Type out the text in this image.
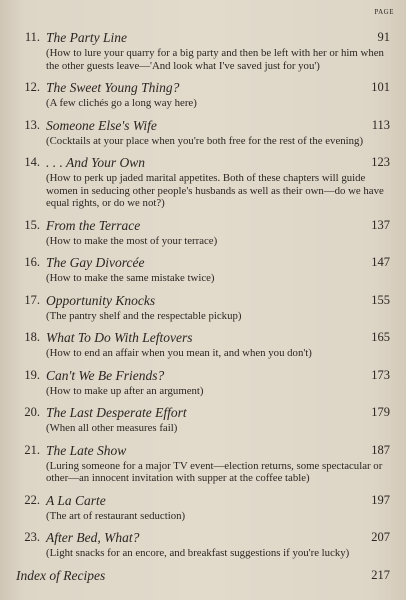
PAGE
11. The Party Line	91
(How to lure your quarry for a big party and then be left with her or him when the other guests leave—'And look what I've saved just for you')
12. The Sweet Young Thing?	101
(A few clichés go a long way here)
13. Someone Else's Wife	113
(Cocktails at your place when you're both free for the rest of the evening)
14. . . . And Your Own	123
(How to perk up jaded marital appetites. Both of these chapters will guide women in seducing other people's husbands as well as their own—do we have equal rights, or do we not?)
15. From the Terrace	137
(How to make the most of your terrace)
16. The Gay Divorcée	147
(How to make the same mistake twice)
17. Opportunity Knocks	155
(The pantry shelf and the respectable pickup)
18. What To Do With Leftovers	165
(How to end an affair when you mean it, and when you don't)
19. Can't We Be Friends?	173
(How to make up after an argument)
20. The Last Desperate Effort	179
(When all other measures fail)
21. The Late Show	187
(Luring someone for a major TV event—election returns, some spectacular or other—an innocent invitation with supper at the coffee table)
22. A La Carte	197
(The art of restaurant seduction)
23. After Bed, What?	207
(Light snacks for an encore, and breakfast suggestions if you're lucky)
Index of Recipes	217
